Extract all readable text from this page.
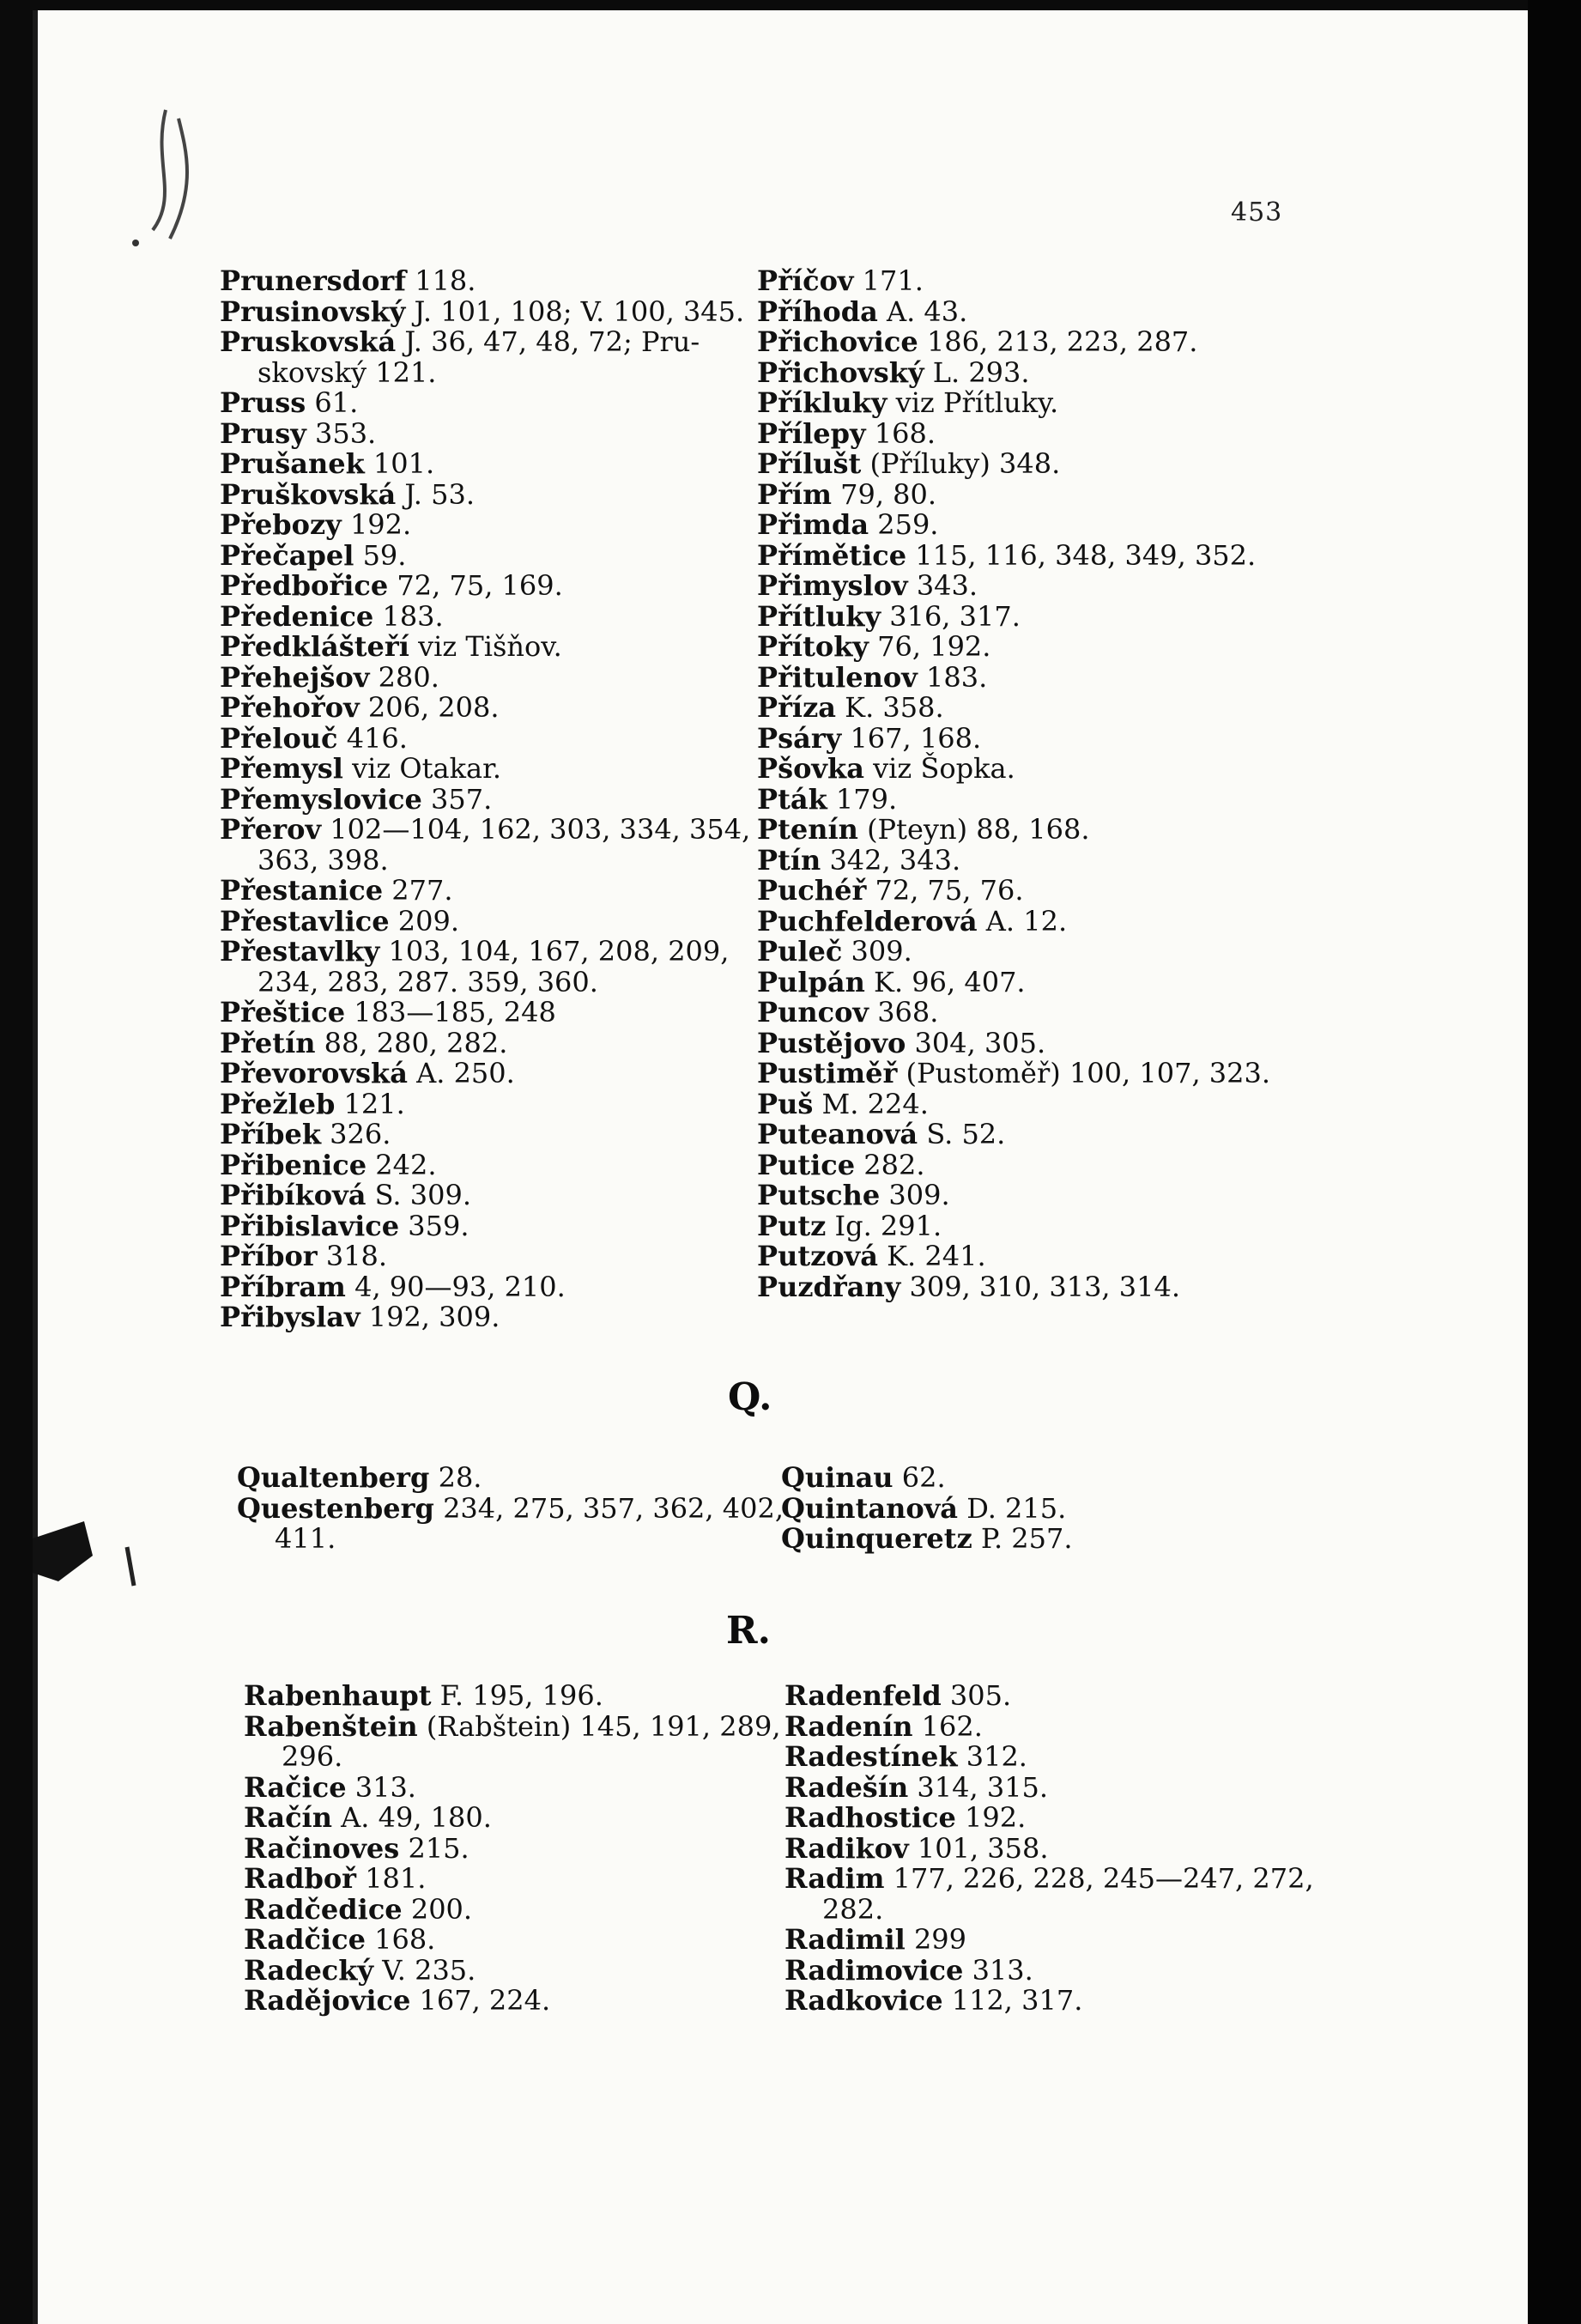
453
Prunersdorf 118.
Prusinovský J. 101, 108; V. 100, 345.
Pruskovská J. 36, 47, 48, 72; Pru-
skovský 121.
Pruss 61.
Prusy 353.
Prušanek 101.
Pruškovská J. 53.
Přebozy 192.
Přečapel 59.
Předbořice 72, 75, 169.
Předenice 183.
Předklášteří viz Tišňov.
Přehejšov 280.
Přehořov 206, 208.
Přelouč 416.
Přemysl viz Otakar.
Přemyslovice 357.
Přerov 102—104, 162, 303, 334, 354,
363, 398.
Přestanice 277.
Přestavlice 209.
Přestavlky 103, 104, 167, 208, 209,
234, 283, 287. 359, 360.
Přeštice 183—185, 248
Přetín 88, 280, 282.
Převorovská A. 250.
Přežleb 121.
Příbek 326.
Přibenice 242.
Přibíková S. 309.
Přibislavice 359.
Příbor 318.
Příbram 4, 90—93, 210.
Přibyslav 192, 309.
Příčov 171.
Příhoda A. 43.
Přichovice 186, 213, 223, 287.
Přichovský L. 293.
Příkluky viz Přítluky.
Přílepy 168.
Přílušt (Příluky) 348.
Přím 79, 80.
Přimda 259.
Přímětice 115, 116, 348, 349, 352.
Přimyslov 343.
Přítluky 316, 317.
Přítoky 76, 192.
Přitulenov 183.
Příza K. 358.
Psáry 167, 168.
Pšovka viz Šopka.
Pták 179.
Ptenín (Pteyn) 88, 168.
Ptín 342, 343.
Puchéř 72, 75, 76.
Puchfelderová A. 12.
Puleč 309.
Pulpán K. 96, 407.
Puncov 368.
Pustějovo 304, 305.
Pustiměř (Pustoměř) 100, 107, 323.
Puš M. 224.
Puteanová S. 52.
Putice 282.
Putsche 309.
Putz Ig. 291.
Putzová K. 241.
Puzdřany 309, 310, 313, 314.
Q.
Qualtenberg 28.
Questenberg 234, 275, 357, 362, 402,
411.
Quinau 62.
Quintanová D. 215.
Quinqueretz P. 257.
R.
Rabenhaupt F. 195, 196.
Rabenštein (Rabštein) 145, 191, 289,
296.
Račice 313.
Račín A. 49, 180.
Račinoves 215.
Radboř 181.
Radčedice 200.
Radčice 168.
Radecký V. 235.
Radějovice 167, 224.
Radenfeld 305.
Radenín 162.
Radestínek 312.
Radešín 314, 315.
Radhostice 192.
Radikov 101, 358.
Radim 177, 226, 228, 245—247, 272,
282.
Radimil 299
Radimovice 313.
Radkovice 112, 317.
